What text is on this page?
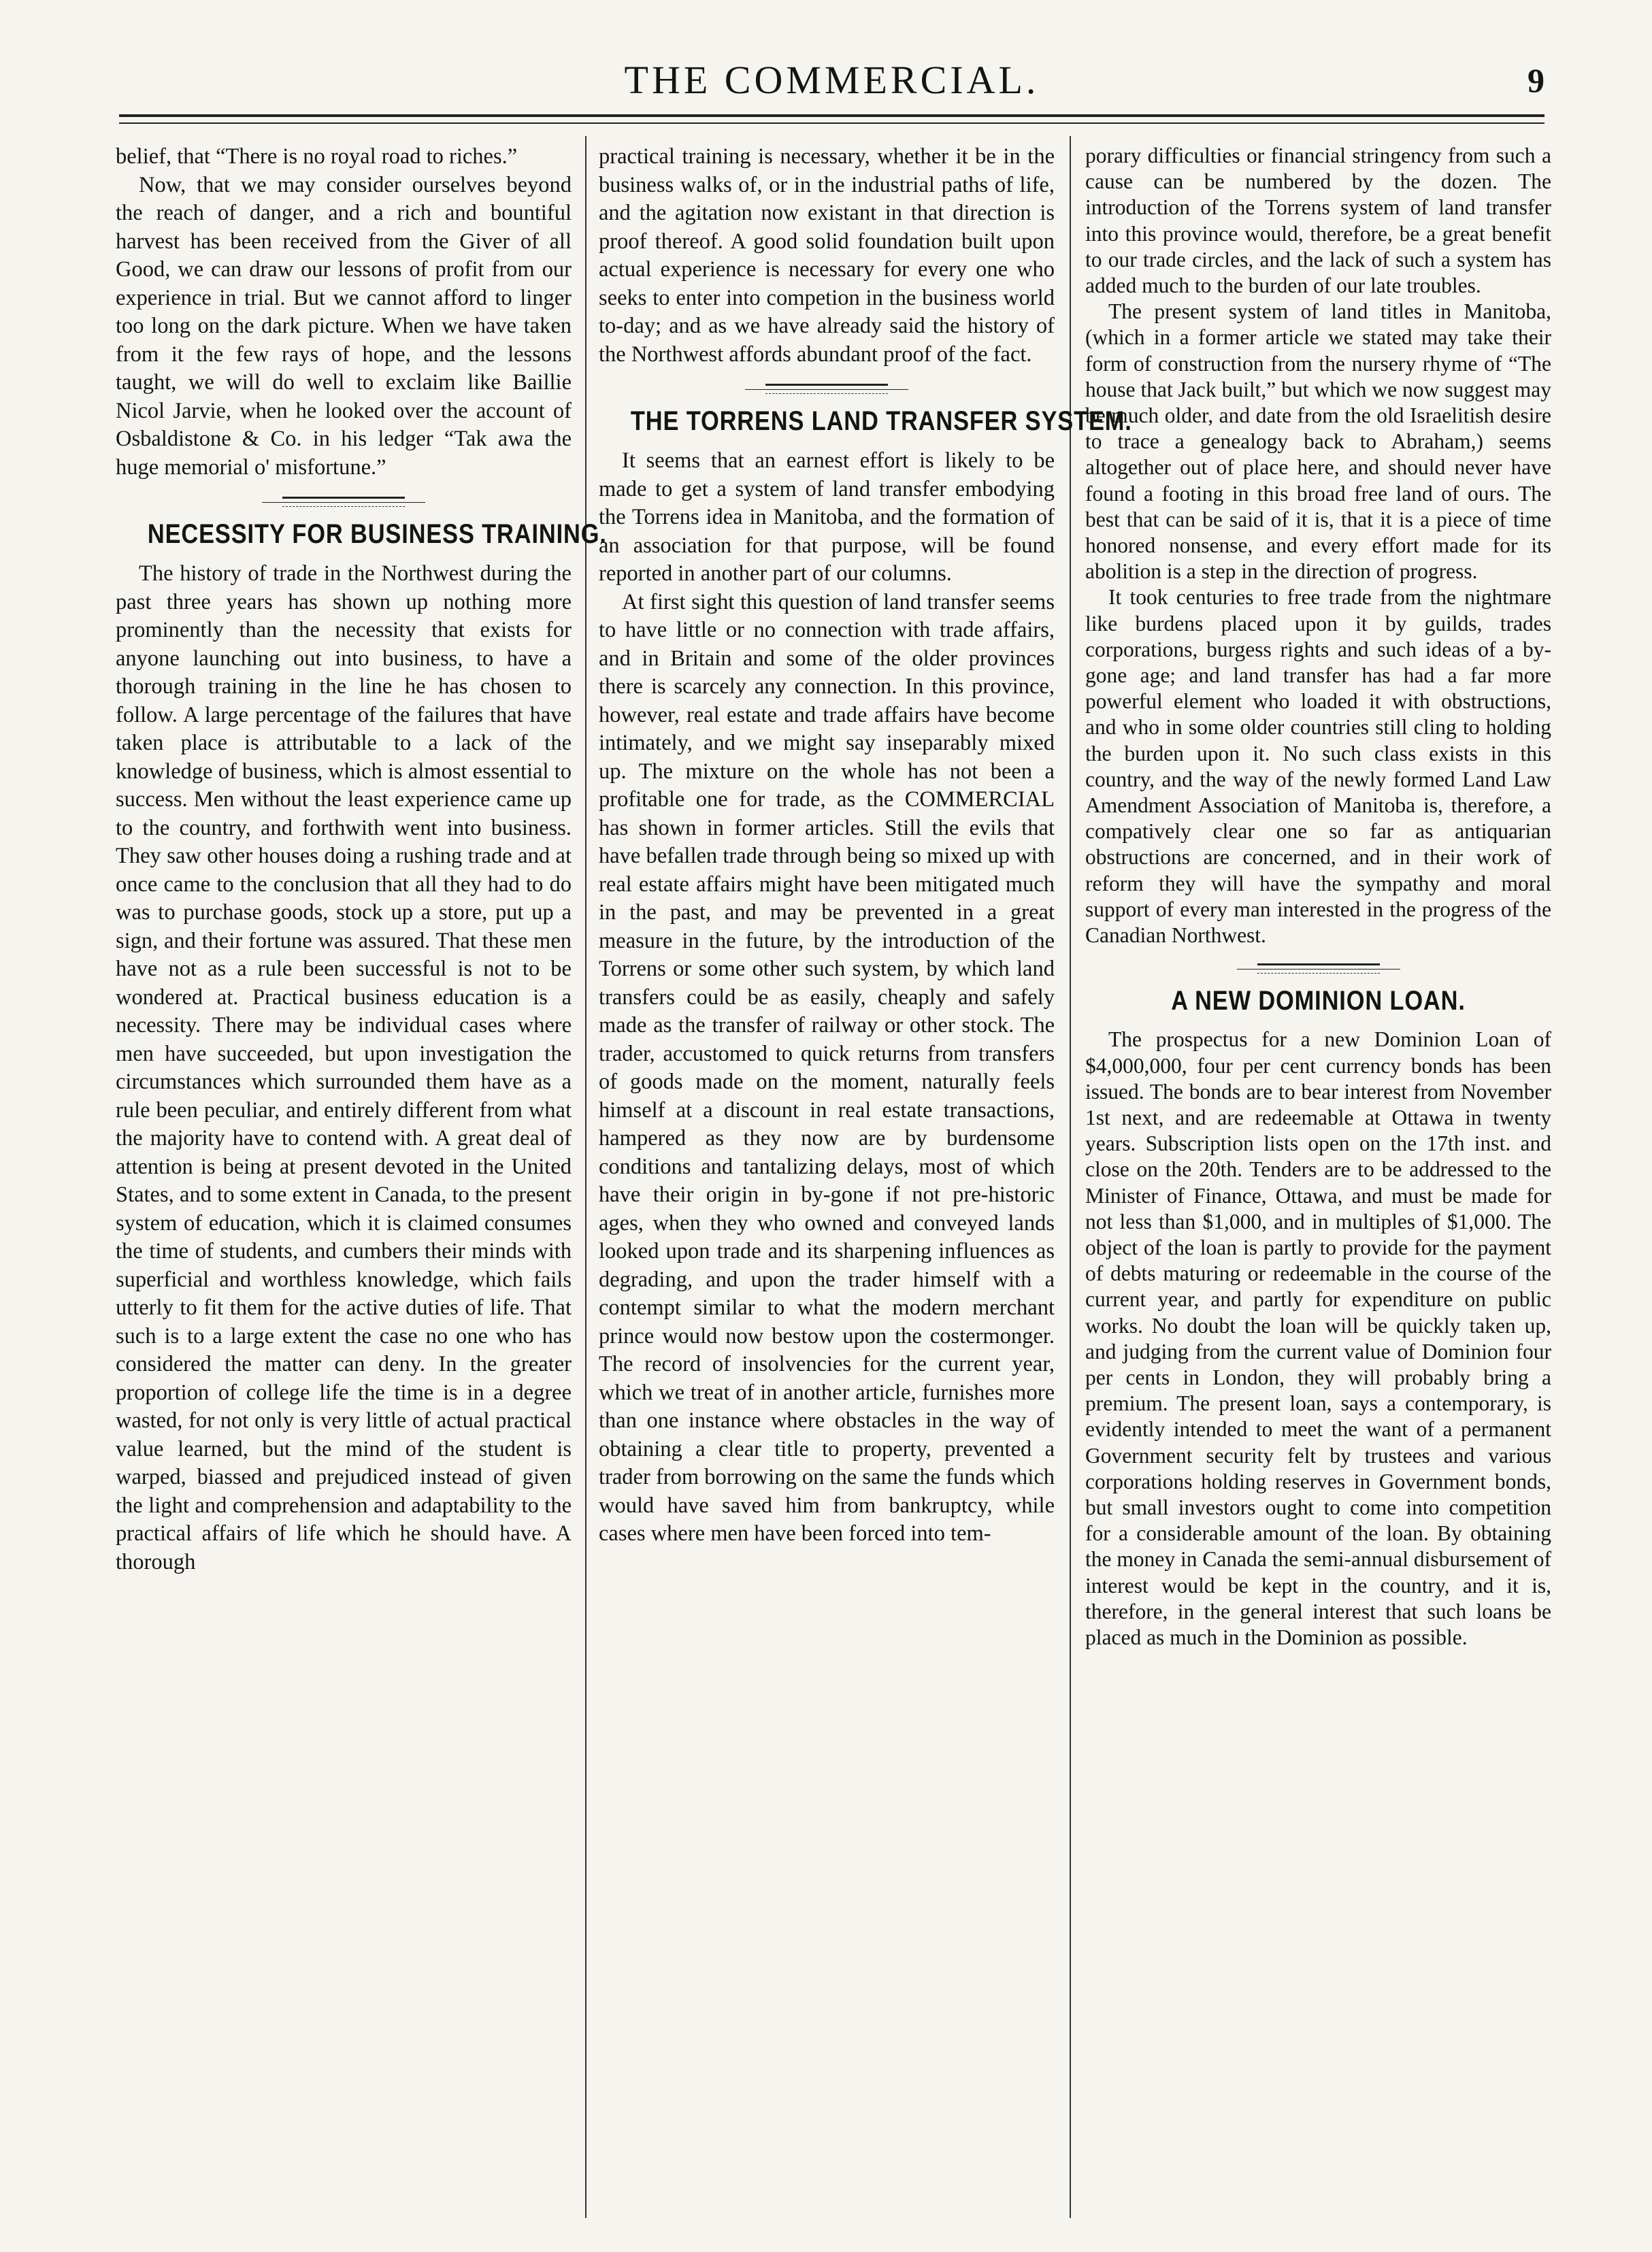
THE COMMERCIAL.	9

belief, that “There is no royal road to riches.”

Now, that we may consider ourselves beyond the reach of danger, and a rich and bountiful harvest has been received from the Giver of all Good, we can draw our lessons of profit from our experience in trial. But we cannot afford to linger too long on the dark picture. When we have taken from it the few rays of hope, and the lessons taught, we will do well to exclaim like Baillie Nicol Jarvie, when he looked over the account of Osbaldistone & Co. in his ledger “Tak awa the huge memorial o' misfortune.”

NECESSITY FOR BUSINESS TRAINING.

The history of trade in the Northwest during the past three years has shown up nothing more prominently than the necessity that exists for anyone launching out into business, to have a thorough training in the line he has chosen to follow. A large percentage of the failures that have taken place is attributable to a lack of the knowledge of business, which is almost essential to success. Men without the least experience came up to the country, and forthwith went into business. They saw other houses doing a rushing trade and at once came to the conclusion that all they had to do was to purchase goods, stock up a store, put up a sign, and their fortune was assured. That these men have not as a rule been successful is not to be wondered at. Practical business education is a necessity. There may be individual cases where men have succeeded, but upon investigation the circumstances which surrounded them have as a rule been peculiar, and entirely different from what the majority have to contend with. A great deal of attention is being at present devoted in the United States, and to some extent in Canada, to the present system of education, which it is claimed consumes the time of students, and cumbers their minds with superficial and worthless knowledge, which fails utterly to fit them for the active duties of life. That such is to a large extent the case no one who has considered the matter can deny. In the greater proportion of college life the time is in a degree wasted, for not only is very little of actual practical value learned, but the mind of the student is warped, biassed and prejudiced instead of given the light and comprehension and adaptability to the practical affairs of life which he should have. A thorough

practical training is necessary, whether it be in the business walks of, or in the industrial paths of life, and the agitation now existant in that direction is proof thereof. A good solid foundation built upon actual experience is necessary for every one who seeks to enter into competion in the business world to-day; and as we have already said the history of the Northwest affords abundant proof of the fact.

THE TORRENS LAND TRANSFER SYSTEM.

It seems that an earnest effort is likely to be made to get a system of land transfer embodying the Torrens idea in Manitoba, and the formation of an association for that purpose, will be found reported in another part of our columns.

At first sight this question of land transfer seems to have little or no connection with trade affairs, and in Britain and some of the older provinces there is scarcely any connection. In this province, however, real estate and trade affairs have become intimately, and we might say inseparably mixed up. The mixture on the whole has not been a profitable one for trade, as the COMMERCIAL has shown in former articles. Still the evils that have befallen trade through being so mixed up with real estate affairs might have been mitigated much in the past, and may be prevented in a great measure in the future, by the introduction of the Torrens or some other such system, by which land transfers could be as easily, cheaply and safely made as the transfer of railway or other stock. The trader, accustomed to quick returns from transfers of goods made on the moment, naturally feels himself at a discount in real estate transactions, hampered as they now are by burdensome conditions and tantalizing delays, most of which have their origin in by-gone if not pre-historic ages, when they who owned and conveyed lands looked upon trade and its sharpening influences as degrading, and upon the trader himself with a contempt similar to what the modern merchant prince would now bestow upon the costermonger. The record of insolvencies for the current year, which we treat of in another article, furnishes more than one instance where obstacles in the way of obtaining a clear title to property, prevented a trader from borrowing on the same the funds which would have saved him from bankruptcy, while cases where men have been forced into tem-

porary difficulties or financial stringency from such a cause can be numbered by the dozen. The introduction of the Torrens system of land transfer into this province would, therefore, be a great benefit to our trade circles, and the lack of such a system has added much to the burden of our late troubles.

The present system of land titles in Manitoba, (which in a former article we stated may take their form of construction from the nursery rhyme of “The house that Jack built,” but which we now suggest may be much older, and date from the old Israelitish desire to trace a genealogy back to Abraham,) seems altogether out of place here, and should never have found a footing in this broad free land of ours. The best that can be said of it is, that it is a piece of time honored nonsense, and every effort made for its abolition is a step in the direction of progress.

It took centuries to free trade from the nightmare like burdens placed upon it by guilds, trades corporations, burgess rights and such ideas of a by-gone age; and land transfer has had a far more powerful element who loaded it with obstructions, and who in some older countries still cling to holding the burden upon it. No such class exists in this country, and the way of the newly formed Land Law Amendment Association of Manitoba is, therefore, a compatively clear one so far as antiquarian obstructions are concerned, and in their work of reform they will have the sympathy and moral support of every man interested in the progress of the Canadian Northwest.

A NEW DOMINION LOAN.

The prospectus for a new Dominion Loan of $4,000,000, four per cent currency bonds has been issued. The bonds are to bear interest from November 1st next, and are redeemable at Ottawa in twenty years. Subscription lists open on the 17th inst. and close on the 20th. Tenders are to be addressed to the Minister of Finance, Ottawa, and must be made for not less than $1,000, and in multiples of $1,000. The object of the loan is partly to provide for the payment of debts maturing or redeemable in the course of the current year, and partly for expenditure on public works. No doubt the loan will be quickly taken up, and judging from the current value of Dominion four per cents in London, they will probably bring a premium. The present loan, says a contemporary, is evidently intended to meet the want of a permanent Government security felt by trustees and various corporations holding reserves in Government bonds, but small investors ought to come into competition for a considerable amount of the loan. By obtaining the money in Canada the semi-annual disbursement of interest would be kept in the country, and it is, therefore, in the general interest that such loans be placed as much in the Dominion as possible.
